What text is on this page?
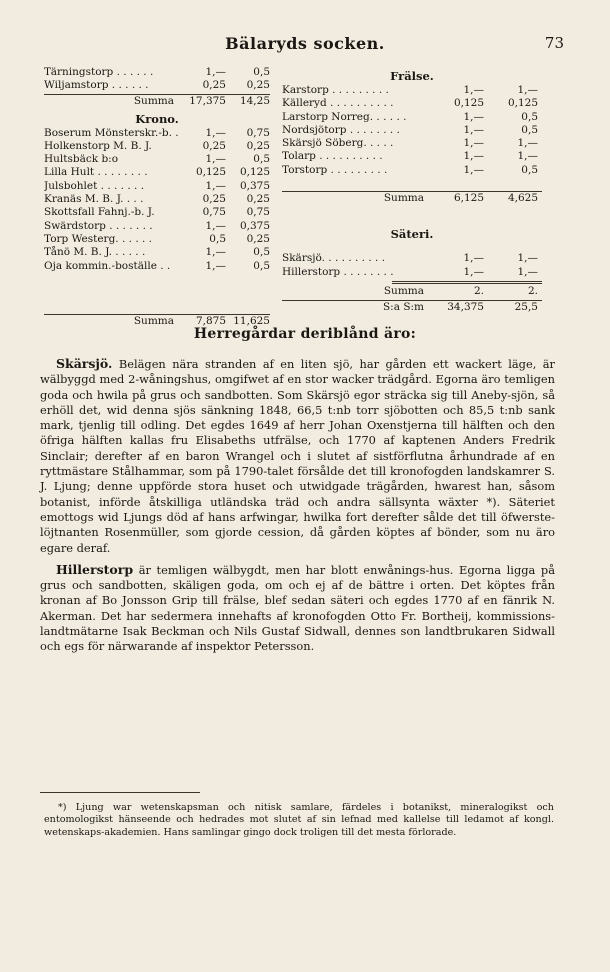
Bälaryds socken.	73
Tärningstorp . . . . . .	1,—	0,5
Wiljamstorp . . . . . .	0,25	0,25
Summa	17,375	14,25
Krono.
Boserum Mönsterskr.-b. .	1,—	0,75
Holkenstorp M. B. J.	0,25	0,25
Hultsbäck b:o	1,—	0,5
Lilla Hult . . . . . . . .	0,125	0,125
Julsbohlet . . . . . . .	1,—	0,375
Kranäs M. B. J. . . .	0,25	0,25
Skottsfall Fahnj.-b. J.	0,75	0,75
Swärdstorp . . . . . . .	1,—	0,375
Torp Westerg. . . . . .	0,5	0,25
Tånö M. B. J. . . . . .	1,—	0,5
Oja kommin.-boställe . .	1,—	0,5
Summa	7,875 11,625
Frälse.
Karstorp . . . . . . . . .	1,—	1,—
Källeryd . . . . . . . . . .	0,125	0,125
Larstorp Norreg. . . . . .	1,—	0,5
Nordsjötorp . . . . . . . .	1,—	0,5
Skärsjö Söberg. . . . .	1,—	1,—
Tolarp . . . . . . . . . .	1,—	1,—
Torstorp . . . . . . . . .	1,—	0,5
Summa	6,125	4,625
Säteri.
Skärsjö. . . . . . . . . .	1,—	1,—
Hillerstorp . . . . . . . .	1,—	1,—
Summa	2.	2.
S:a S:m	34,375	25,5
Herregårdar deriblånd äro:

Skärsjö. Belägen nära stranden af en liten sjö, har gården ett wackert läge, är wälbyggd med 2-wåningshus, omgifwet af en stor wacker trädgård. Egorna äro temligen goda och hwila på grus och sandbotten. Som Skärsjö egor sträcka sig till Aneby-sjön, så erhöll det, wid denna sjös sänkning 1848, 66,5 t:nb torr sjöbotten och 85,5 t:nb sank mark, tjenlig till odling. Det egdes 1649 af herr Johan Oxenstjerna till hälften och den öfriga hälften kallas fru Elisabeths utfrälse, och 1770 af kaptenen Anders Fredrik Sinclair; derefter af en baron Wrangel och i slutet af sistförflutna århundrade af en ryttmästare Stålhammar, som på 1790-talet försålde det till kronofogden landskamrer S. J. Ljung; denne uppförde stora huset och utwidgade trägården, hwarest han, såsom botanist, införde åtskilliga utländska träd och andra sällsynta wäxter *). Säteriet emottogs wid Ljungs död af hans arfwingar, hwilka fort derefter sålde det till öfwerste-löjtnanten Rosenmüller, som gjorde cession, då gården köptes af bönder, som nu äro egare deraf.

Hillerstorp är temligen wälbygdt, men har blott enwånings-hus. Egorna ligga på grus och sandbotten, skäligen goda, om och ej af de bättre i orten. Det köptes från kronan af Bo Jonsson Grip till frälse, blef sedan säteri och egdes 1770 af en fänrik N. Akerman. Det har sedermera innehafts af kronofogden Otto Fr. Bortheij, kommissions-landtmätarne Isak Beckman och Nils Gustaf Sidwall, dennes son landtbrukaren Sidwall och egs för närwarande af inspektor Petersson.

*) Ljung war wetenskapsman och nitisk samlare, färdeles i botanikst, mineralogikst och entomologikst hänseende och hedrades mot slutet af sin lefnad med kallelse till ledamot af kongl. wetenskaps-akademien. Hans samlingar gingo dock troligen till det mesta förlorade.
